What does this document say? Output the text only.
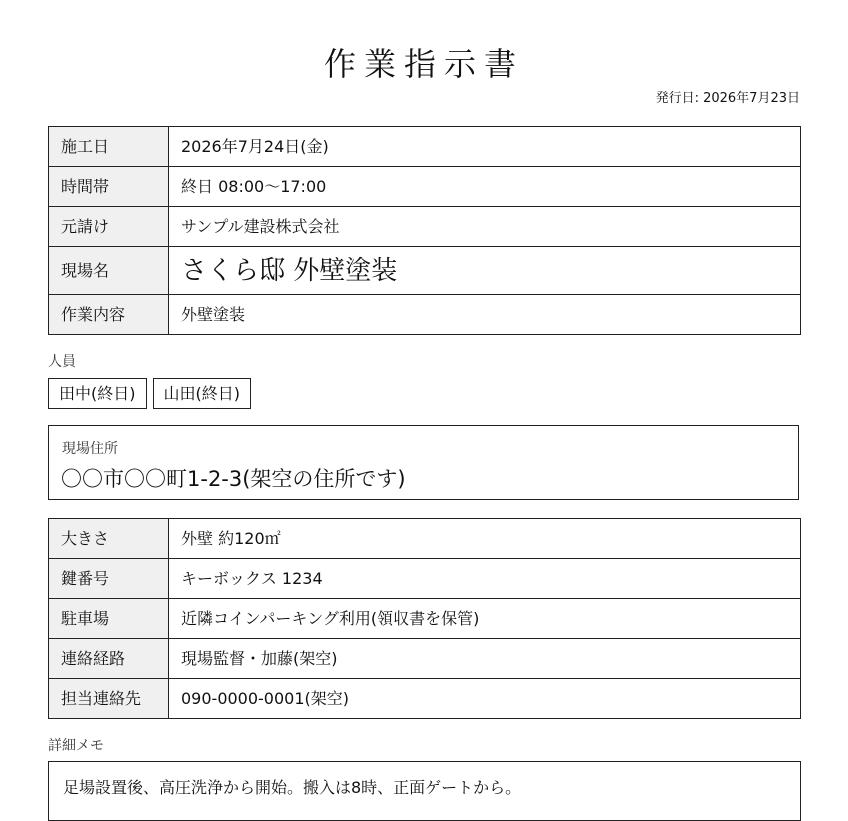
作業指示書
発行日: 2026年7月23日
施工日	2026年7月24日(金)
時間帯	終日 08:00〜17:00
元請け	サンプル建設株式会社
現場名	さくら邸 外壁塗装
作業内容	外壁塗装
人員
田中(終日)	山田(終日)
現場住所
〇〇市〇〇町1-2-3(架空の住所です)
大きさ	外壁 約120㎡
鍵番号	キーボックス 1234
駐車場	近隣コインパーキング利用(領収書を保管)
連絡経路	現場監督・加藤(架空)
担当連絡先	090-0000-0001(架空)
詳細メモ
足場設置後、高圧洗浄から開始。搬入は8時、正面ゲートから。
